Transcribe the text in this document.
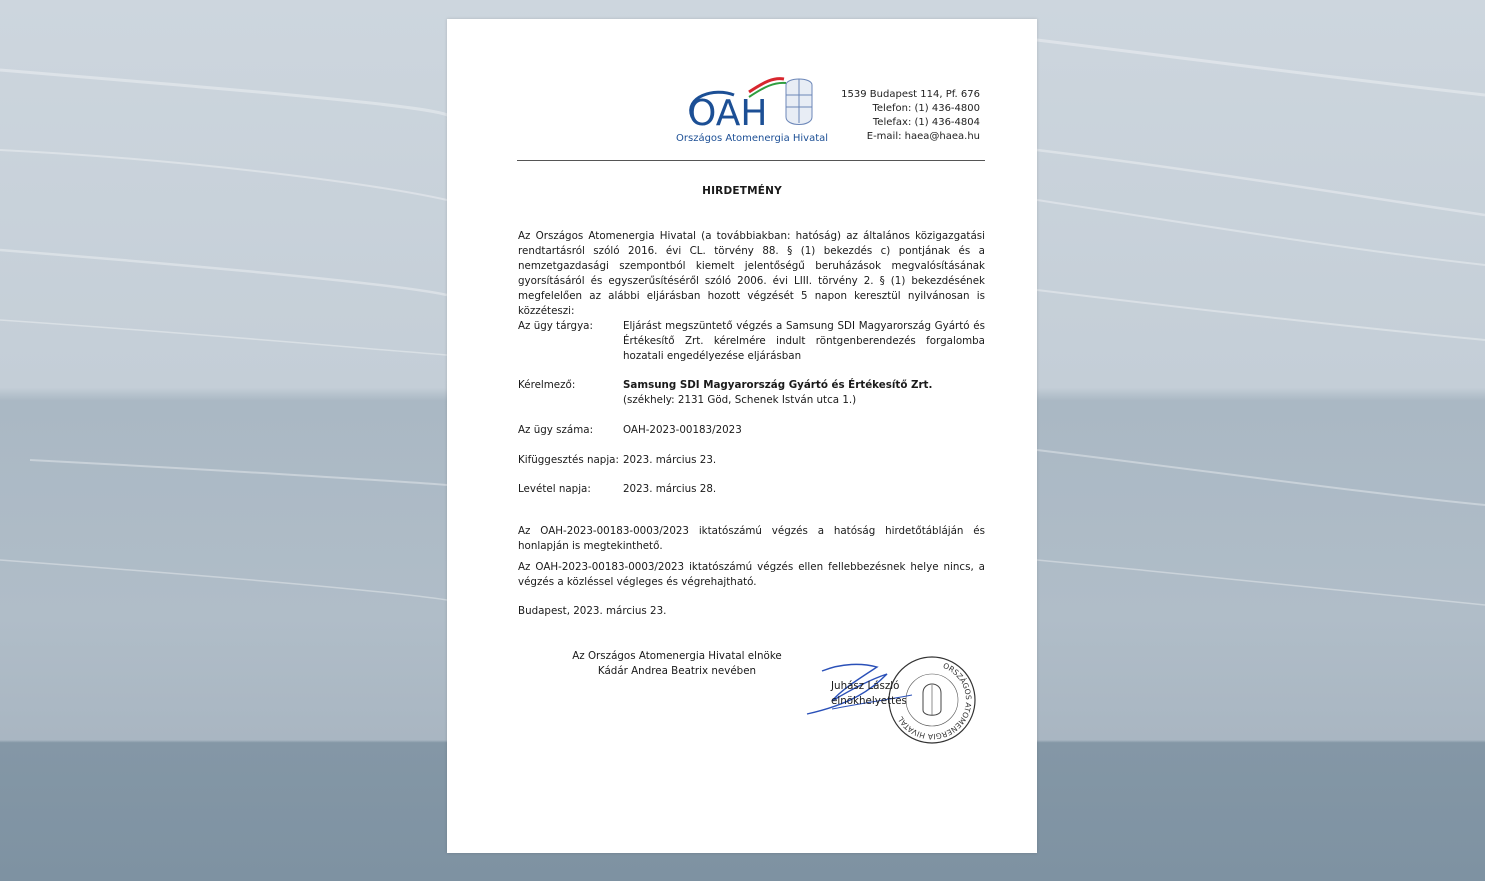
OAH
Országos Atomenergia Hivatal
1539 Budapest 114, Pf. 676
Telefon: (1) 436-4800
Telefax: (1) 436-4804
E-mail: haea@haea.hu
HIRDETMÉNY
Az Országos Atomenergia Hivatal (a továbbiakban: hatóság) az általános közigazgatási rendtartásról szóló 2016. évi CL. törvény 88. § (1) bekezdés c) pontjának és a nemzetgazdasági szempontból kiemelt jelentőségű beruházások megvalósításának gyorsításáról és egyszerűsítéséről szóló 2006. évi LIII. törvény 2. § (1) bekezdésének megfelelően az alábbi eljárásban hozott végzését 5 napon keresztül nyilvánosan is közzéteszi:
Az ügy tárgya:	Eljárást megszüntető végzés a Samsung SDI Magyarország Gyártó és Értékesítő Zrt. kérelmére indult röntgenberendezés forgalomba hozatali engedélyezése eljárásban
Kérelmező:	Samsung SDI Magyarország Gyártó és Értékesítő Zrt.
(székhely: 2131 Göd, Schenek István utca 1.)
Az ügy száma:	OAH-2023-00183/2023
Kifüggesztés napja: 2023. március 23.
Levétel napja:	2023. március 28.
Az OAH-2023-00183-0003/2023 iktatószámú végzés a hatóság hirdetőtábláján és honlapján is megtekinthető.
Az OAH-2023-00183-0003/2023 iktatószámú végzés ellen fellebbezésnek helye nincs, a végzés a közléssel végleges és végrehajtható.
Budapest, 2023. március 23.
Az Országos Atomenergia Hivatal elnöke
Kádár Andrea Beatrix nevében	ORSZÁGOS ATOMENERGIA HIVATAL
Juhász László
elnökhelyettes
